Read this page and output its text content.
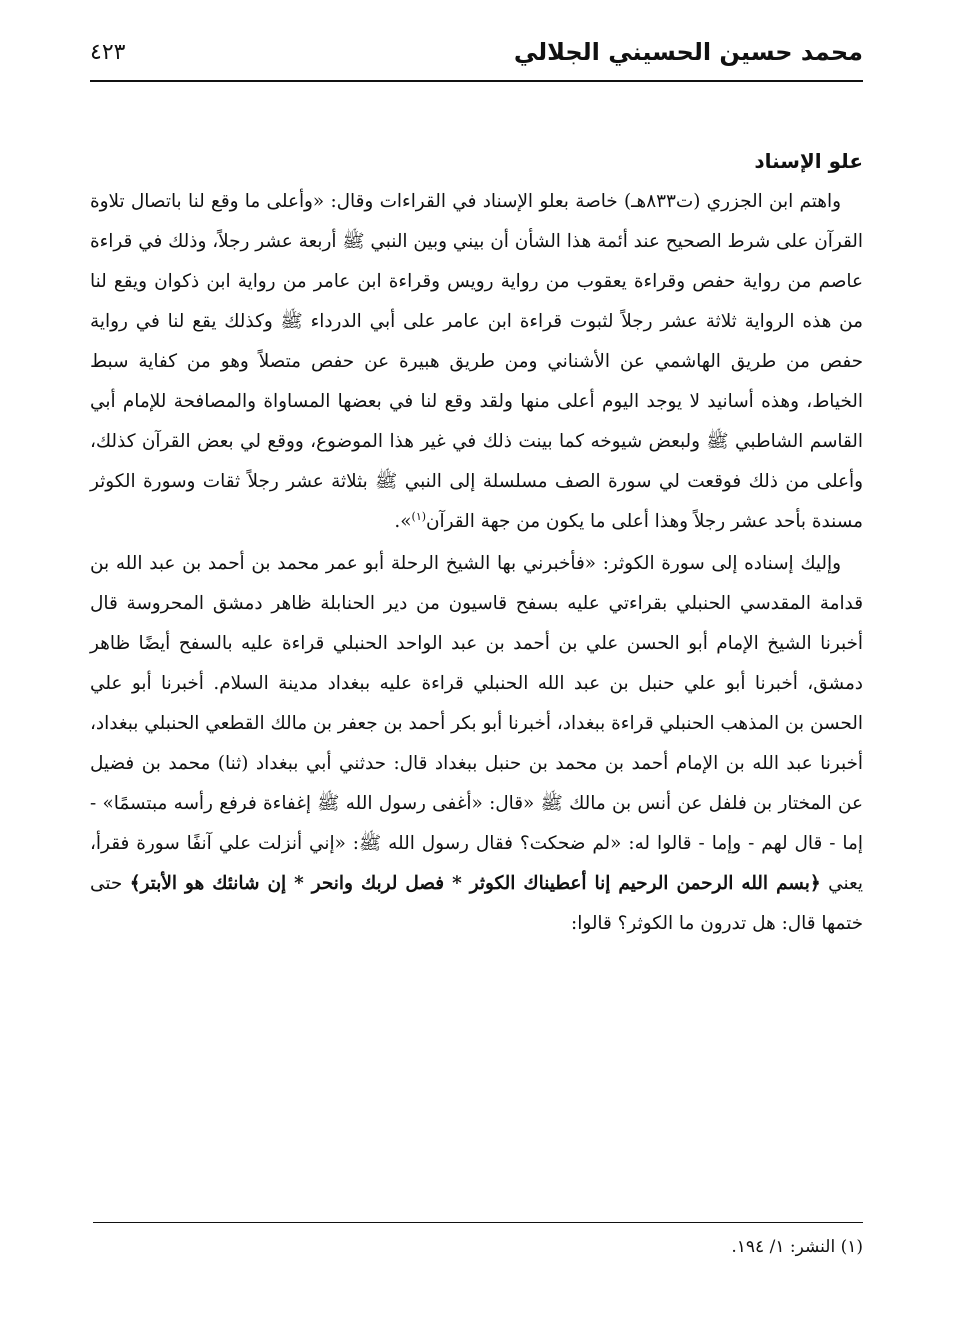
محمد حسين الحسيني الجلالي
٤٢٣
علو الإسناد

واهتم ابن الجزري (ت٨٣٣هـ) خاصة بعلو الإسناد في القراءات وقال: «وأعلى ما وقع لنا باتصال تلاوة القرآن على شرط الصحيح عند أئمة هذا الشأن أن بيني وبين النبي ﷺ أربعة عشر رجلاً، وذلك في قراءة عاصم من رواية حفص وقراءة يعقوب من رواية رويس وقراءة ابن عامر من رواية ابن ذكوان ويقع لنا من هذه الرواية ثلاثة عشر رجلاً لثبوت قراءة ابن عامر على أبي الدرداء ﷺ وكذلك يقع لنا في رواية حفص من طريق الهاشمي عن الأشناني ومن طريق هبيرة عن حفص متصلاً وهو من كفاية سبط الخياط، وهذه أسانيد لا يوجد اليوم أعلى منها ولقد وقع لنا في بعضها المساواة والمصافحة للإمام أبي القاسم الشاطبي ﷺ ولبعض شيوخه كما بينت ذلك في غير هذا الموضوع، ووقع لي بعض القرآن كذلك، وأعلى من ذلك فوقعت لي سورة الصف مسلسلة إلى النبي ﷺ بثلاثة عشر رجلاً ثقات وسورة الكوثر مسندة بأحد عشر رجلاً وهذا أعلى ما يكون من جهة القرآن$^{(١)}$».

وإليك إسناده إلى سورة الكوثر: «فأخبرني بها الشيخ الرحلة أبو عمر محمد بن أحمد بن عبد الله بن قدامة المقدسي الحنبلي بقراءتي عليه بسفح قاسيون من دير الحنابلة ظاهر دمشق المحروسة قال أخبرنا الشيخ الإمام أبو الحسن علي بن أحمد بن عبد الواحد الحنبلي قراءة عليه بالسفح أيضًا ظاهر دمشق، أخبرنا أبو علي حنبل بن عبد الله الحنبلي قراءة عليه ببغداد مدينة السلام. أخبرنا أبو علي الحسن بن المذهب الحنبلي قراءة ببغداد، أخبرنا أبو بكر أحمد بن جعفر بن مالك القطعي الحنبلي ببغداد، أخبرنا عبد الله بن الإمام أحمد بن محمد بن حنبل ببغداد قال: حدثني أبي ببغداد (ثنا) محمد بن فضيل عن المختار بن فلفل عن أنس بن مالك ﷺ «قال: «أغفى رسول الله ﷺ إغفاءة فرفع رأسه مبتسمًا» - إما - قال لهم - وإما - قالوا له: «لم ضحكت؟ فقال رسول الله ﷺ: «إني أنزلت علي آنفًا سورة فقرأ، يعني ﴿بسم الله الرحمن الرحيم إنا أعطيناك الكوثر * فصل لربك وانحر * إن شانئك هو الأبتر﴾ حتى ختمها قال: هل تدرون ما الكوثر؟ قالوا:

(١) النشر: ١/ ١٩٤.
